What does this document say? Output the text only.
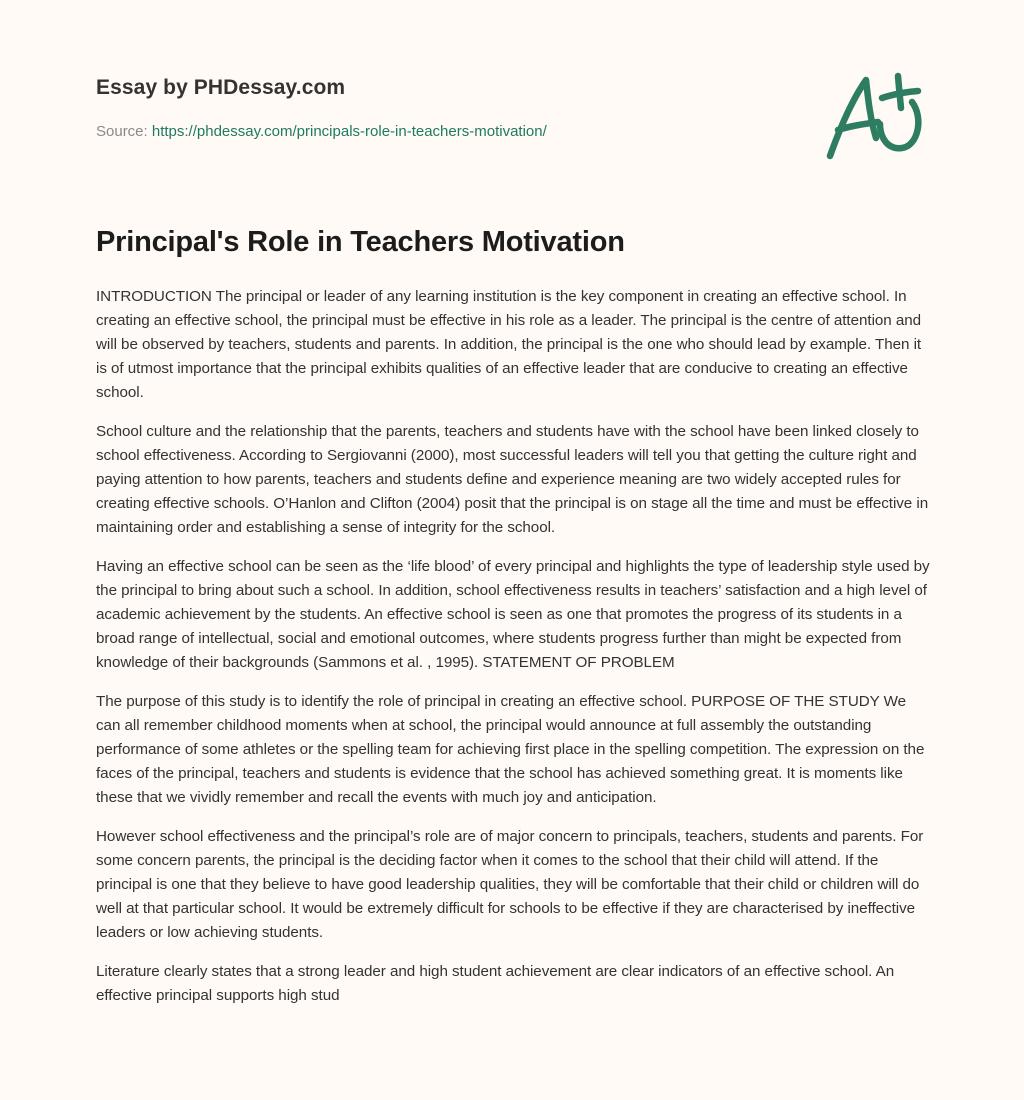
Essay by PHDessay.com
Source: https://phdessay.com/principals-role-in-teachers-motivation/
Principal's Role in Teachers Motivation

INTRODUCTION The principal or leader of any learning institution is the key component in creating an effective school. In creating an effective school, the principal must be effective in his role as a leader. The principal is the centre of attention and will be observed by teachers, students and parents. In addition, the principal is the one who should lead by example. Then it is of utmost importance that the principal exhibits qualities of an effective leader that are conducive to creating an effective school.

School culture and the relationship that the parents, teachers and students have with the school have been linked closely to school effectiveness. According to Sergiovanni (2000), most successful leaders will tell you that getting the culture right and paying attention to how parents, teachers and students define and experience meaning are two widely accepted rules for creating effective schools. O’Hanlon and Clifton (2004) posit that the principal is on stage all the time and must be effective in maintaining order and establishing a sense of integrity for the school.

Having an effective school can be seen as the ‘life blood’ of every principal and highlights the type of leadership style used by the principal to bring about such a school. In addition, school effectiveness results in teachers’ satisfaction and a high level of academic achievement by the students. An effective school is seen as one that promotes the progress of its students in a broad range of intellectual, social and emotional outcomes, where students progress further than might be expected from knowledge of their backgrounds (Sammons et al. , 1995). STATEMENT OF PROBLEM

The purpose of this study is to identify the role of principal in creating an effective school. PURPOSE OF THE STUDY We can all remember childhood moments when at school, the principal would announce at full assembly the outstanding performance of some athletes or the spelling team for achieving first place in the spelling competition. The expression on the faces of the principal, teachers and students is evidence that the school has achieved something great. It is moments like these that we vividly remember and recall the events with much joy and anticipation.

However school effectiveness and the principal’s role are of major concern to principals, teachers, students and parents. For some concern parents, the principal is the deciding factor when it comes to the school that their child will attend. If the principal is one that they believe to have good leadership qualities, they will be comfortable that their child or children will do well at that particular school. It would be extremely difficult for schools to be effective if they are characterised by ineffective leaders or low achieving students.

Literature clearly states that a strong leader and high student achievement are clear indicators of an effective school. An effective principal supports high stud
